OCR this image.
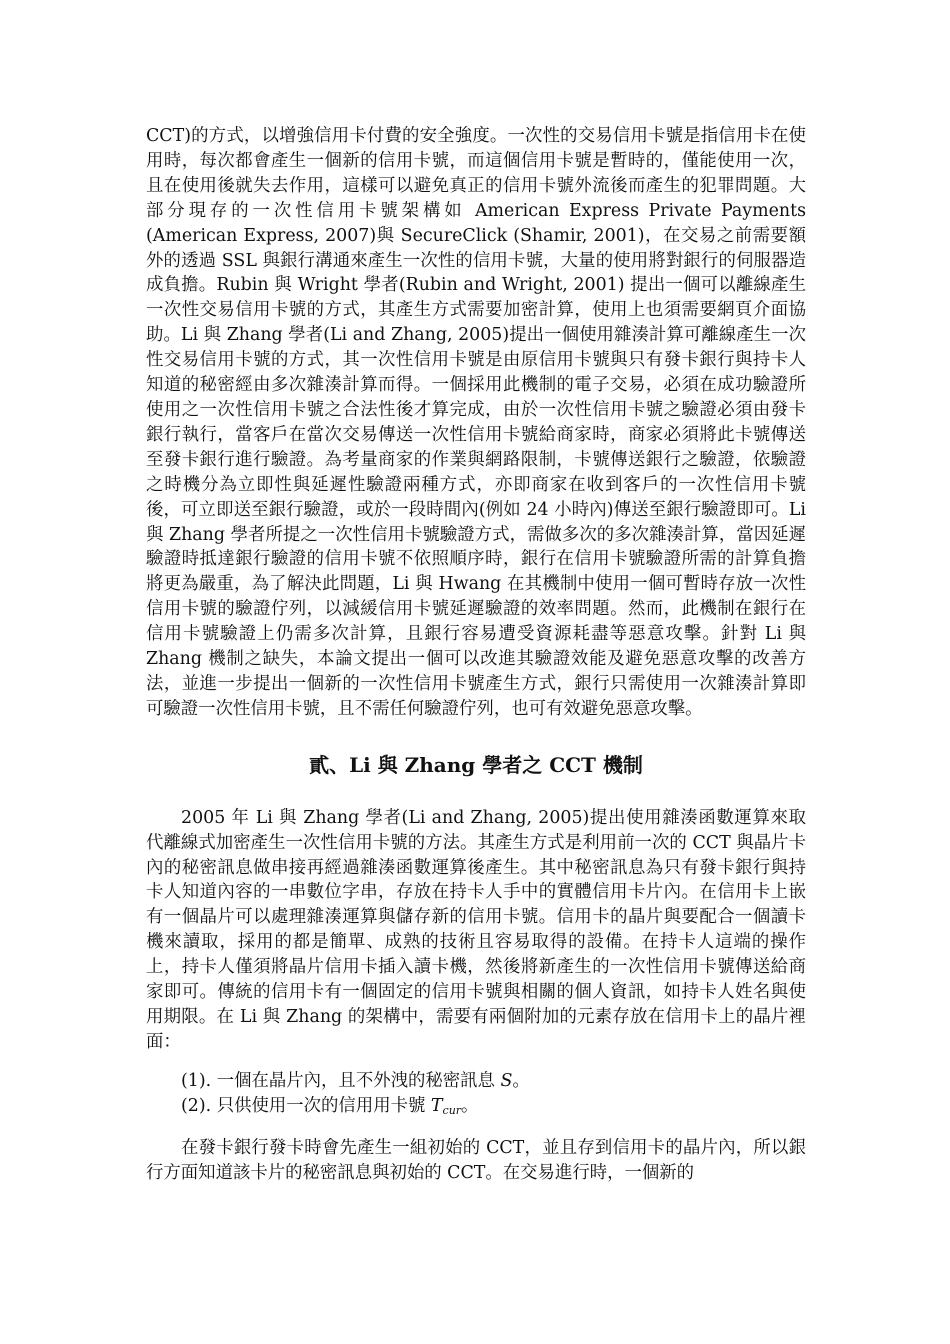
CCT)的方式，以增強信用卡付費的安全強度。一次性的交易信用卡號是指信用卡在使用時，每次都會產生一個新的信用卡號，而這個信用卡號是暫時的，僅能使用一次，且在使用後就失去作用，這樣可以避免真正的信用卡號外流後而產生的犯罪問題。大部分現存的一次性信用卡號架構如 American Express Private Payments (American Express, 2007)與 SecureClick (Shamir, 2001)，在交易之前需要額外的透過 SSL 與銀行溝通來產生一次性的信用卡號，大量的使用將對銀行的伺服器造成負擔。Rubin 與 Wright 學者(Rubin and Wright, 2001) 提出一個可以離線產生一次性交易信用卡號的方式，其產生方式需要加密計算，使用上也須需要網頁介面協助。Li 與 Zhang 學者(Li and Zhang, 2005)提出一個使用雜湊計算可離線產生一次性交易信用卡號的方式，其一次性信用卡號是由原信用卡號與只有發卡銀行與持卡人知道的秘密經由多次雜湊計算而得。一個採用此機制的電子交易，必須在成功驗證所使用之一次性信用卡號之合法性後才算完成，由於一次性信用卡號之驗證必須由發卡銀行執行，當客戶在當次交易傳送一次性信用卡號給商家時，商家必須將此卡號傳送至發卡銀行進行驗證。為考量商家的作業與網路限制，卡號傳送銀行之驗證，依驗證之時機分為立即性與延遲性驗證兩種方式，亦即商家在收到客戶的一次性信用卡號後，可立即送至銀行驗證，或於一段時間內(例如 24 小時內)傳送至銀行驗證即可。Li 與 Zhang 學者所提之一次性信用卡號驗證方式，需做多次的多次雜湊計算，當因延遲驗證時抵達銀行驗證的信用卡號不依照順序時，銀行在信用卡號驗證所需的計算負擔將更為嚴重，為了解決此問題，Li 與 Hwang 在其機制中使用一個可暫時存放一次性信用卡號的驗證佇列，以減緩信用卡號延遲驗證的效率問題。然而，此機制在銀行在信用卡號驗證上仍需多次計算，且銀行容易遭受資源耗盡等惡意攻擊。針對 Li 與 Zhang 機制之缺失，本論文提出一個可以改進其驗證效能及避免惡意攻擊的改善方法，並進一步提出一個新的一次性信用卡號產生方式，銀行只需使用一次雜湊計算即可驗證一次性信用卡號，且不需任何驗證佇列，也可有效避免惡意攻擊。

貳、Li 與 Zhang 學者之 CCT 機制

2005 年 Li 與 Zhang 學者(Li and Zhang, 2005)提出使用雜湊函數運算來取代離線式加密產生一次性信用卡號的方法。其產生方式是利用前一次的 CCT 與晶片卡內的秘密訊息做串接再經過雜湊函數運算後產生。其中秘密訊息為只有發卡銀行與持卡人知道內容的一串數位字串，存放在持卡人手中的實體信用卡片內。在信用卡上嵌有一個晶片可以處理雜湊運算與儲存新的信用卡號。信用卡的晶片與要配合一個讀卡機來讀取，採用的都是簡單、成熟的技術且容易取得的設備。在持卡人這端的操作上，持卡人僅須將晶片信用卡插入讀卡機，然後將新產生的一次性信用卡號傳送給商家即可。傳統的信用卡有一個固定的信用卡號與相關的個人資訊，如持卡人姓名與使用期限。在 Li 與 Zhang 的架構中，需要有兩個附加的元素存放在信用卡上的晶片裡面：

(1). 一個在晶片內，且不外洩的秘密訊息 S。
(2). 只供使用一次的信用用卡號 $T_{cur}$。

在發卡銀行發卡時會先產生一組初始的 CCT，並且存到信用卡的晶片內，所以銀行方面知道該卡片的秘密訊息與初始的 CCT。在交易進行時，一個新的
